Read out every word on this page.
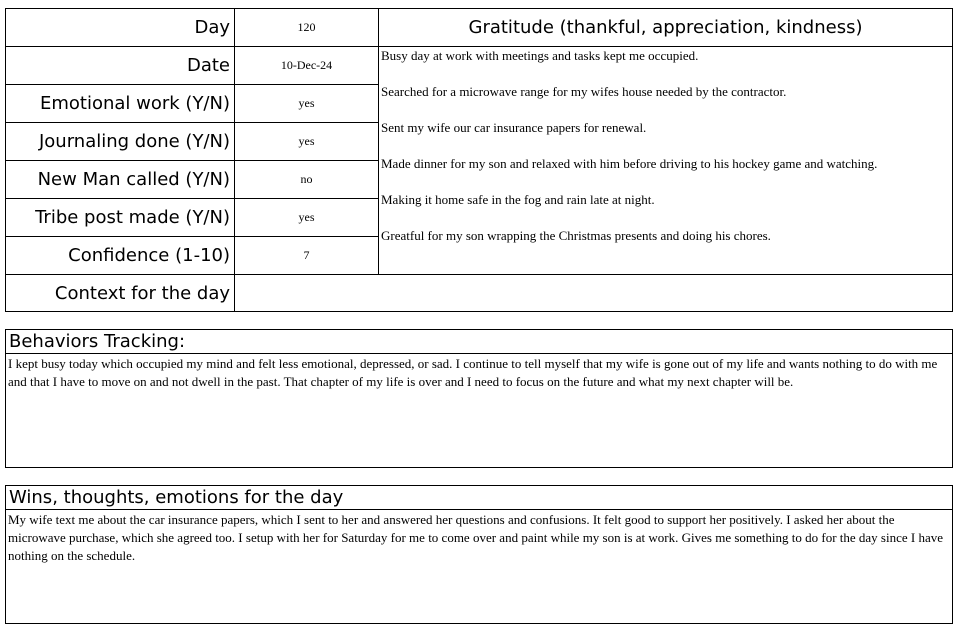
Day	120
Date	10-Dec-24
Emotional work (Y/N)	yes
Journaling done (Y/N)	yes
New Man called (Y/N)	no
Tribe post made (Y/N)	yes
Confidence (1-10)	7
Context for the day
Gratitude (thankful, appreciation, kindness)
Busy day at work with meetings and tasks kept me occupied.
Searched for a microwave range for my wifes house needed by the contractor.
Sent my wife our car insurance papers for renewal.
Made dinner for my son and relaxed with him before driving to his hockey game and watching.
Making it home safe in the fog and rain late at night.
Greatful for my son wrapping the Christmas presents and doing his chores.
Behaviors Tracking:
I kept busy today which occupied my mind and felt less emotional, depressed, or sad. I continue to tell myself that my wife is gone out of my life and wants nothing to do with me and that I have to move on and not dwell in the past. That chapter of my life is over and I need to focus on the future and what my next chapter will be.
Wins, thoughts, emotions for the day
My wife text me about the car insurance papers, which I sent to her and answered her questions and confusions. It felt good to support her positively. I asked her about the microwave purchase, which she agreed too. I setup with her for Saturday for me to come over and paint while my son is at work. Gives me something to do for the day since I have nothing on the schedule.
